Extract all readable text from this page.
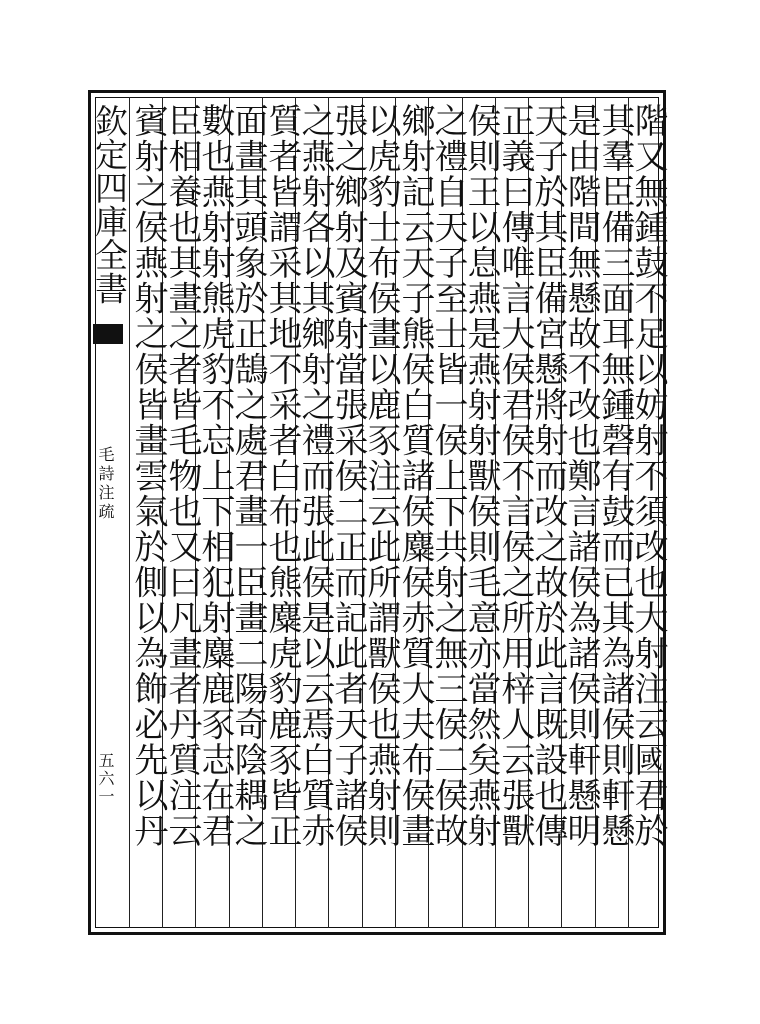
欽定四庫全書
毛詩注疏
五六一	階又無鍾鼓不足以妨射不須改也大射注云國君於
其羣臣備三面耳無鍾磬有鼓而已其為諸侯則軒懸
是由階間無懸故不改也鄭言諸侯為諸侯則軒懸明
天子於其臣備宮懸將射而改之故於此言既設也傳
正義曰傳唯言大侯君侯不言侯之所用梓人云張獸
侯則王以息燕是燕射射獸侯則毛意亦當然矣燕射
之禮自天子至士皆一侯上下共射之無三侯二侯故
鄉射記云天子熊侯白質諸侯麋侯赤質大夫布侯畫
以虎豹士布侯畫以鹿豕注云此所謂獸侯也燕射則
張之鄉射及賓射當張采侯二正而記此者天子諸侯
之燕射各以其鄉射之禮而張此侯是以云焉白質赤
質者皆謂采其地不采者白布也熊麋虎豹鹿豕皆正
面畫其頭象於正鵠之處君畫一臣畫二陽奇陰耦之
數也燕射射熊虎豹不忘上下相犯射麋鹿豕志在君
臣相養也其畫之者皆毛物也又曰凡畫者丹質注云
賓射之侯燕射之侯皆畫雲氣於側以為飾必先以丹
